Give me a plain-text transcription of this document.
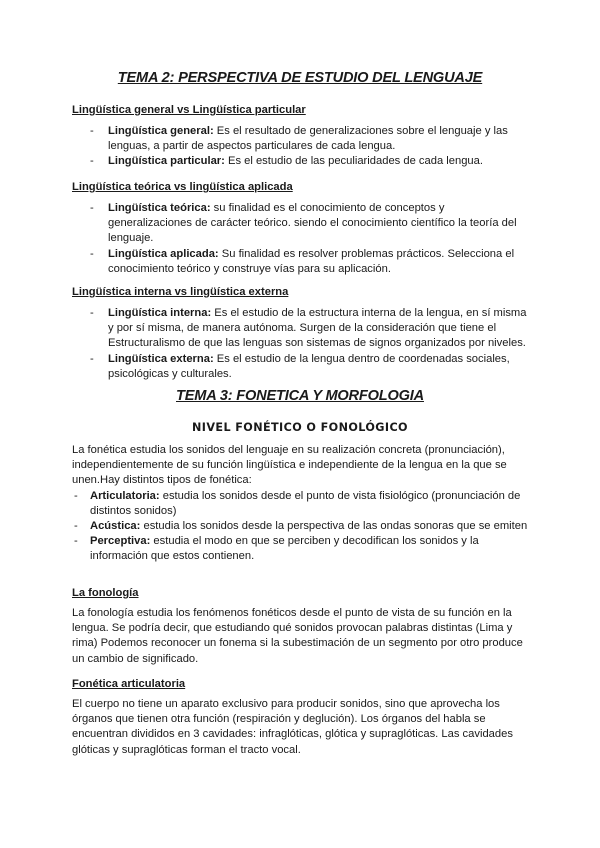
TEMA 2: PERSPECTIVA DE ESTUDIO DEL LENGUAJE

Lingüística general vs Lingüística particular

- Lingüística general: Es el resultado de generalizaciones sobre el lenguaje y las lenguas, a partir de aspectos particulares de cada lengua.
- Lingüística particular: Es el estudio de las peculiaridades de cada lengua.

Lingüística teórica vs lingüística aplicada

- Lingüística teórica: su finalidad es el conocimiento de conceptos y generalizaciones de carácter teórico. siendo el conocimiento científico la teoría del lenguaje.
- Lingüística aplicada: Su finalidad es resolver problemas prácticos. Selecciona el conocimiento teórico y construye vías para su aplicación.

Lingüística interna vs lingüística externa

- Lingüística interna: Es el estudio de la estructura interna de la lengua, en sí misma y por sí misma, de manera autónoma. Surgen de la consideración que tiene el Estructuralismo de que las lenguas son sistemas de signos organizados por niveles.
- Lingüística externa: Es el estudio de la lengua dentro de coordenadas sociales, psicológicas y culturales.
TEMA 3: FONETICA Y MORFOLOGIA
NIVEL FONÉTICO O FONOLÓGICO

La fonética estudia los sonidos del lenguaje en su realización concreta (pronunciación), independientemente de su función lingüística e independiente de la lengua en la que se unen.Hay distintos tipos de fonética:

- Articulatoria: estudia los sonidos desde el punto de vista fisiológico (pronunciación de distintos sonidos)
- Acústica: estudia los sonidos desde la perspectiva de las ondas sonoras que se emiten
- Perceptiva: estudia el modo en que se perciben y decodifican los sonidos y la información que estos contienen.

La fonología

La fonología estudia los fenómenos fonéticos desde el punto de vista de su función en la lengua. Se podría decir, que estudiando qué sonidos provocan palabras distintas (Lima y rima) Podemos reconocer un fonema si la subestimación de un segmento por otro produce un cambio de significado.

Fonética articulatoria

El cuerpo no tiene un aparato exclusivo para producir sonidos, sino que aprovecha los órganos que tienen otra función (respiración y deglución). Los órganos del habla se encuentran divididos en 3 cavidades: infraglóticas, glótica y supraglóticas. Las cavidades glóticas y supraglóticas forman el tracto vocal.
